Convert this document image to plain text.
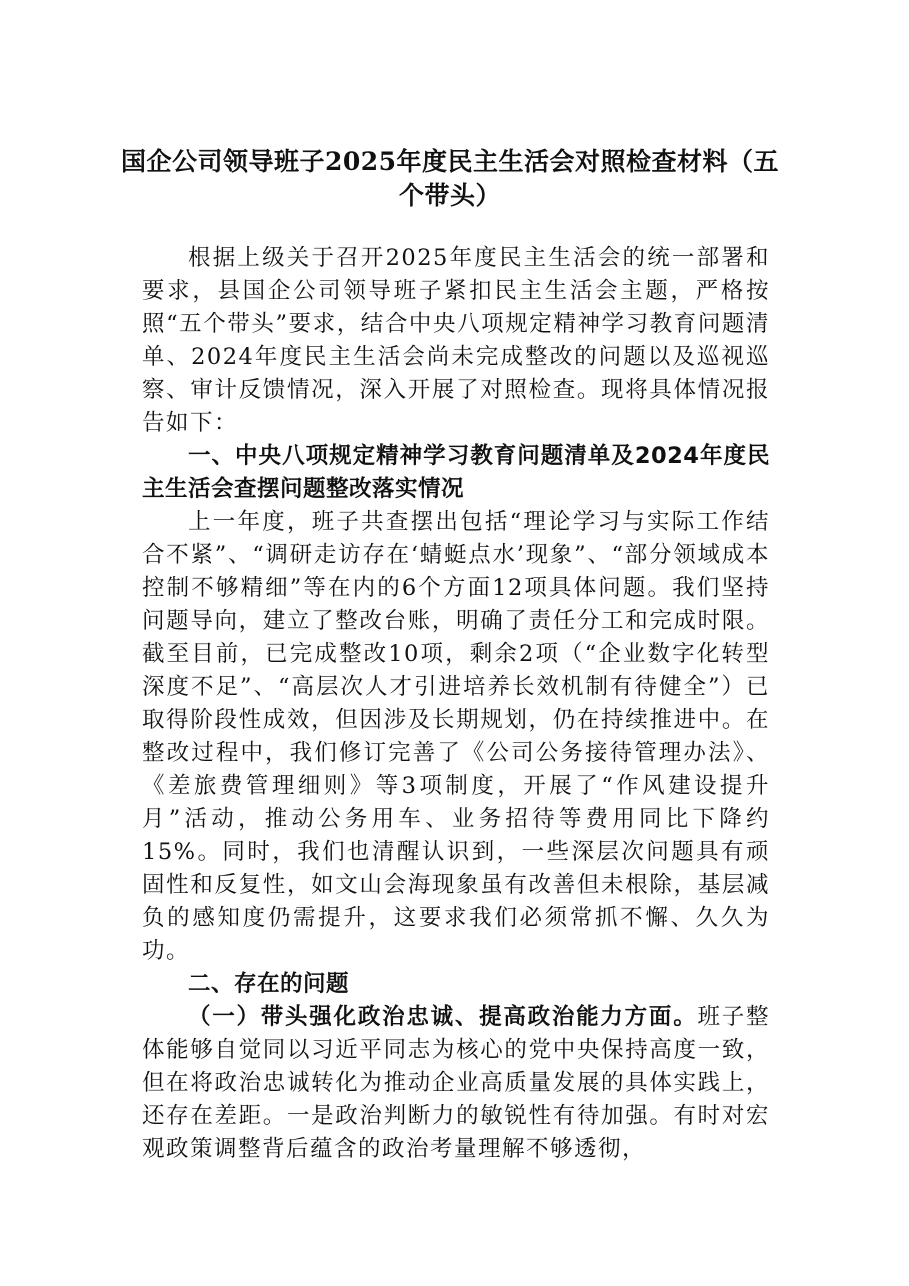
国企公司领导班子2025年度民主生活会对照检查材料（五个带头）

根据上级关于召开2025年度民主生活会的统一部署和要求，县国企公司领导班子紧扣民主生活会主题，严格按照“五个带头”要求，结合中央八项规定精神学习教育问题清单、2024年度民主生活会尚未完成整改的问题以及巡视巡察、审计反馈情况，深入开展了对照检查。现将具体情况报告如下：

一、中央八项规定精神学习教育问题清单及2024年度民主生活会查摆问题整改落实情况

上一年度，班子共查摆出包括“理论学习与实际工作结合不紧”、“调研走访存在‘蜻蜓点水’现象”、“部分领域成本控制不够精细”等在内的6个方面12项具体问题。我们坚持问题导向，建立了整改台账，明确了责任分工和完成时限。截至目前，已完成整改10项，剩余2项（“企业数字化转型深度不足”、“高层次人才引进培养长效机制有待健全”）已取得阶段性成效，但因涉及长期规划，仍在持续推进中。在整改过程中，我们修订完善了《公司公务接待管理办法》、《差旅费管理细则》等3项制度，开展了“作风建设提升月”活动，推动公务用车、业务招待等费用同比下降约15%。同时，我们也清醒认识到，一些深层次问题具有顽固性和反复性，如文山会海现象虽有改善但未根除，基层减负的感知度仍需提升，这要求我们必须常抓不懈、久久为功。

二、存在的问题

（一）带头强化政治忠诚、提高政治能力方面。班子整体能够自觉同以习近平同志为核心的党中央保持高度一致，但在将政治忠诚转化为推动企业高质量发展的具体实践上，还存在差距。一是政治判断力的敏锐性有待加强。有时对宏观政策调整背后蕴含的政治考量理解不够透彻，
